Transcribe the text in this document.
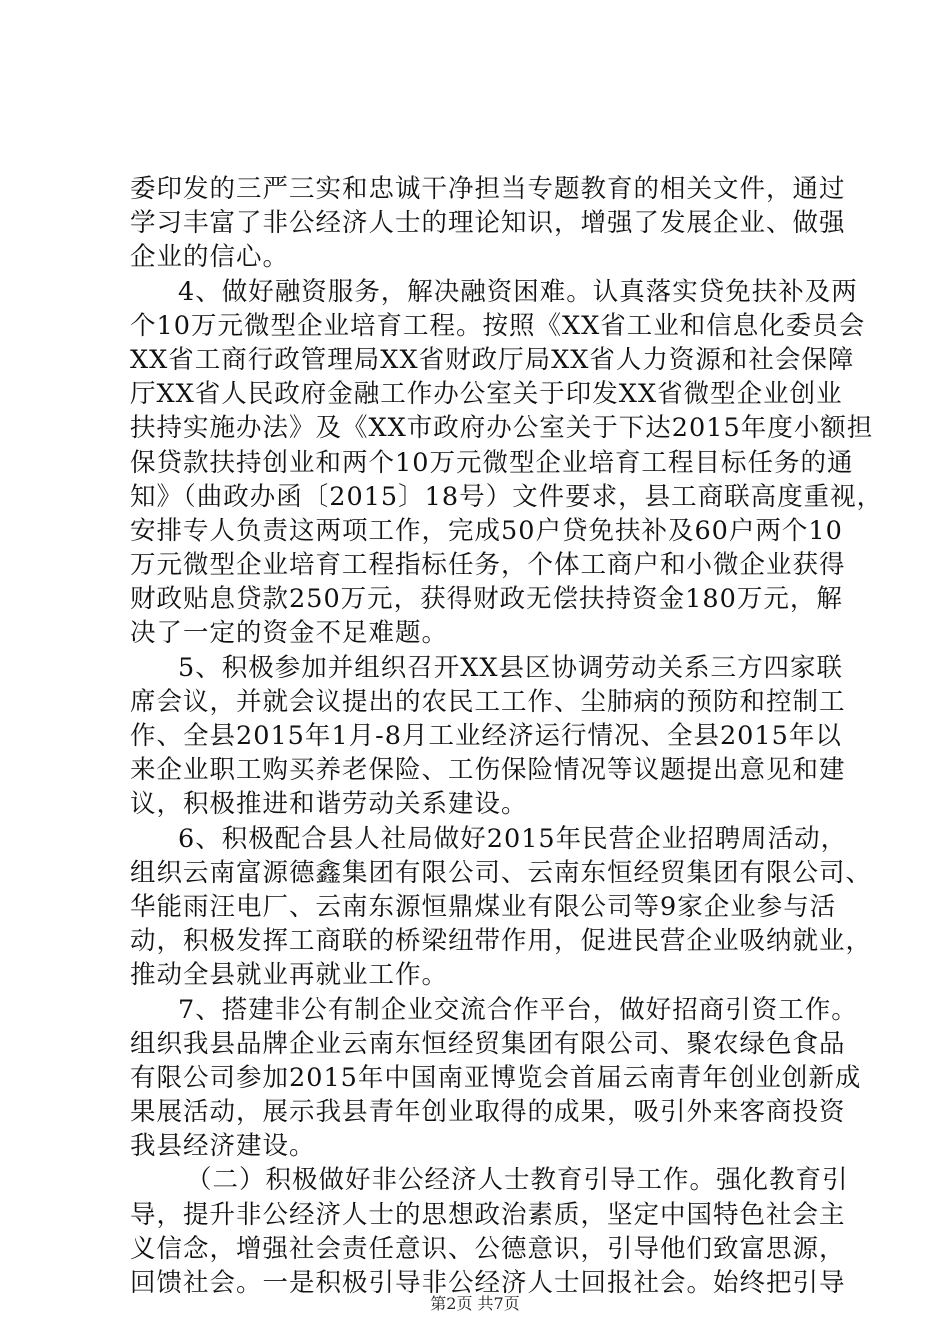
委印发的三严三实和忠诚干净担当专题教育的相关文件，通过
学习丰富了非公经济人士的理论知识，增强了发展企业、做强
企业的信心。
4、做好融资服务，解决融资困难。认真落实贷免扶补及两
个10万元微型企业培育工程。按照《XX省工业和信息化委员会
XX省工商行政管理局XX省财政厅局XX省人力资源和社会保障
厅XX省人民政府金融工作办公室关于印发XX省微型企业创业
扶持实施办法》及《XX市政府办公室关于下达2015年度小额担
保贷款扶持创业和两个10万元微型企业培育工程目标任务的通
知》（曲政办函〔2015〕18号）文件要求，县工商联高度重视，
安排专人负责这两项工作，完成50户贷免扶补及60户两个10
万元微型企业培育工程指标任务，个体工商户和小微企业获得
财政贴息贷款250万元，获得财政无偿扶持资金180万元，解
决了一定的资金不足难题。
5、积极参加并组织召开XX县区协调劳动关系三方四家联
席会议，并就会议提出的农民工工作、尘肺病的预防和控制工
作、全县2015年1月-8月工业经济运行情况、全县2015年以
来企业职工购买养老保险、工伤保险情况等议题提出意见和建
议，积极推进和谐劳动关系建设。
6、积极配合县人社局做好2015年民营企业招聘周活动，
组织云南富源德鑫集团有限公司、云南东恒经贸集团有限公司、
华能雨汪电厂、云南东源恒鼎煤业有限公司等9家企业参与活
动，积极发挥工商联的桥梁纽带作用，促进民营企业吸纳就业，
推动全县就业再就业工作。
7、搭建非公有制企业交流合作平台，做好招商引资工作。
组织我县品牌企业云南东恒经贸集团有限公司、聚农绿色食品
有限公司参加2015年中国南亚博览会首届云南青年创业创新成
果展活动，展示我县青年创业取得的成果，吸引外来客商投资
我县经济建设。
（二）积极做好非公经济人士教育引导工作。强化教育引
导，提升非公经济人士的思想政治素质，坚定中国特色社会主
义信念，增强社会责任意识、公德意识，引导他们致富思源，
回馈社会。一是积极引导非公经济人士回报社会。始终把引导
第2页 共7页
